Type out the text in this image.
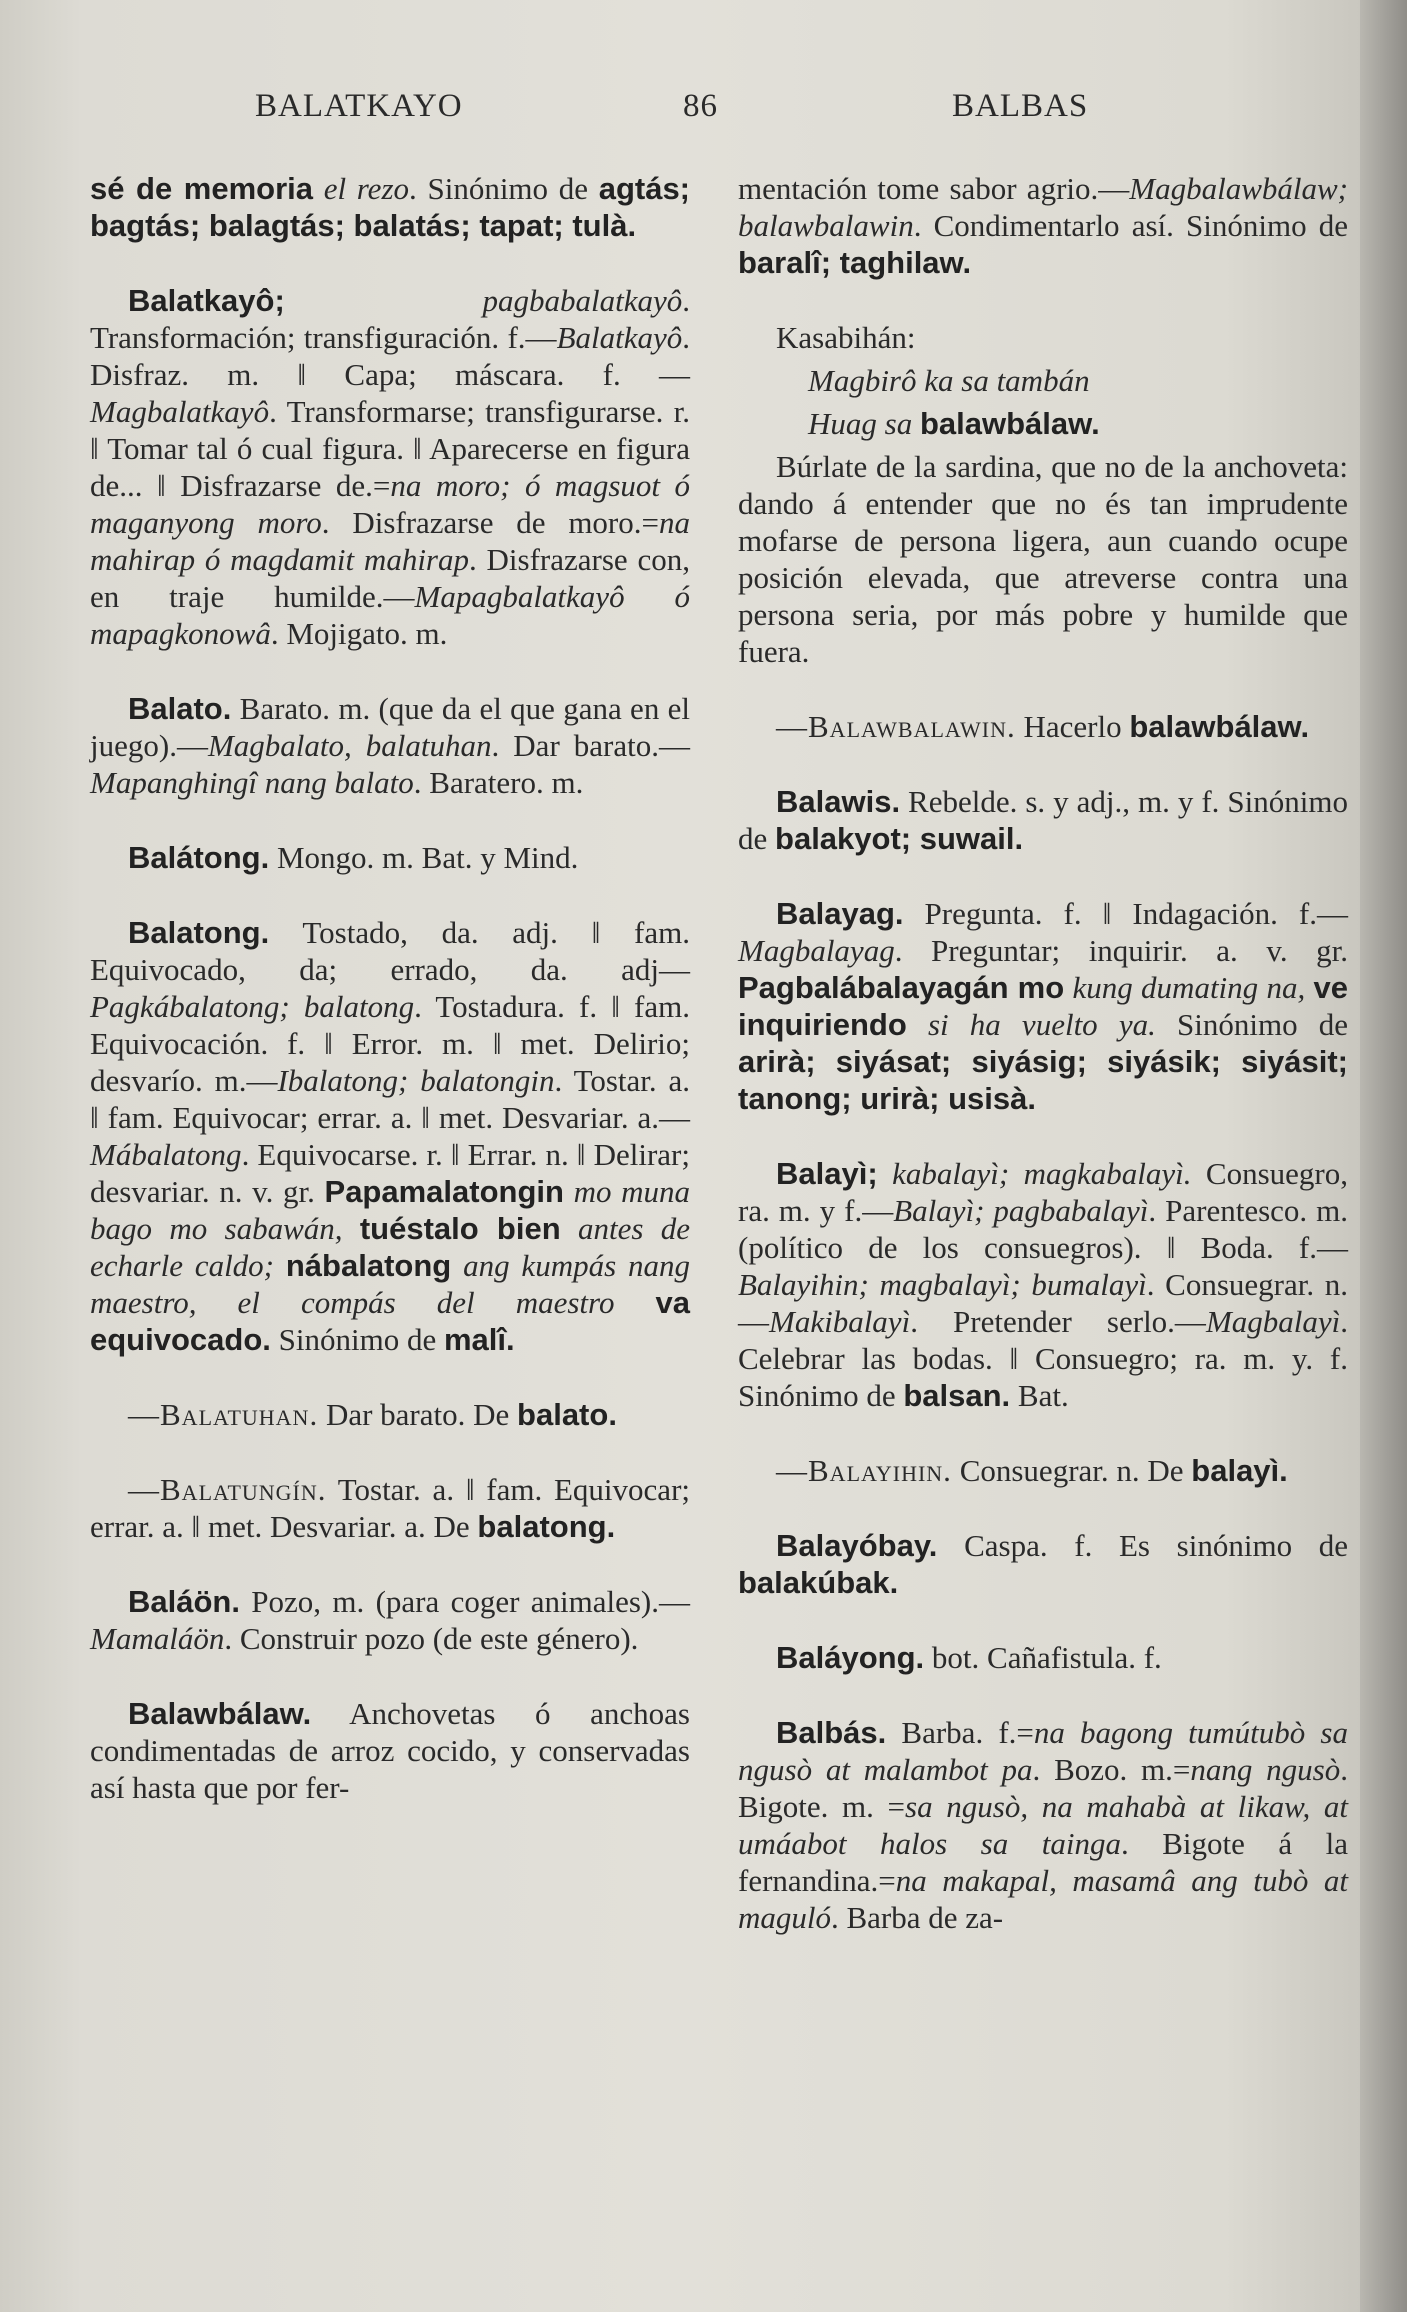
BALATKAYO	86	BALBAS

sé de memoria el rezo. Sinónimo de agtás; bagtás; balagtás; balatás; tapat; tulà.

Balatkayô;	pagbabalatkayô. Transformación; transfiguración. f.—Balatkayô. Disfraz. m. ‖ Capa; máscara. f. — Magbalatkayô. Transformarse; transfigurarse. r. ‖ Tomar tal ó cual figura. ‖ Aparecerse en figura de... ‖ Disfrazarse de.=na moro; ó magsuot ó maganyong moro. Disfrazarse de moro.=na mahirap ó magdamit mahirap. Disfrazarse con, en traje humilde.—Mapagbalatkayô ó mapagkonowâ. Mojigato. m.

Balato. Barato. m. (que da el que gana en el juego).—Magbalato, balatuhan. Dar barato.—Mapanghingî nang balato. Baratero. m.

Balátong. Mongo. m. Bat. y Mind.

Balatong. Tostado, da. adj. ‖ fam. Equivocado, da; errado, da. adj—Pagkábalatong; balatong. Tostadura. f. ‖ fam. Equivocación. f. ‖ Error. m. ‖ met. Delirio; desvarío. m.—Ibalatong; balatongin. Tostar. a. ‖ fam. Equivocar; errar. a. ‖ met. Desvariar. a.—Mábalatong. Equivocarse. r. ‖ Errar. n. ‖ Delirar; desvariar. n. v. gr. Papamalatongin mo muna bago mo sabawán, tuéstalo bien antes de echarle caldo; nábalatong ang kumpás nang maestro, el compás del maestro va equivocado. Sinónimo de malî.

—Balatuhan. Dar barato. De balato.

—Balatungín. Tostar. a. ‖ fam. Equivocar; errar. a. ‖ met. Desvariar. a. De balatong.

Baláön. Pozo, m. (para coger animales).—Mamaláön. Construir pozo (de este género).

Balawbálaw. Anchovetas ó anchoas condimentadas de arroz cocido, y conservadas así hasta que por fer-

mentación tome sabor agrio.—Magbalawbálaw; balawbalawin. Condimentarlo así. Sinónimo de baralî; taghilaw.

Kasabihán:

Magbirô ka sa tambán

Huag sa balawbálaw.

Búrlate de la sardina, que no de la anchoveta: dando á entender que no és tan imprudente mofarse de persona ligera, aun cuando ocupe posición elevada, que atreverse contra una persona seria, por más pobre y humilde que fuera.

—Balawbalawin. Hacerlo balawbálaw.

Balawis. Rebelde. s. y adj., m. y f. Sinónimo de balakyot; suwail.

Balayag. Pregunta. f. ‖ Indagación. f.—Magbalayag. Preguntar; inquirir. a. v. gr. Pagbalábalayagán mo kung dumating na, ve inquiriendo si ha vuelto ya. Sinónimo de arirà; siyásat; siyásig; siyásik; siyásit; tanong; urirà; usisà.

Balayì; kabalayì; magkabalayì. Consuegro, ra. m. y f.—Balayì; pagbabalayì. Parentesco. m. (político de los consuegros). ‖ Boda. f.—Balayihin; magbalayì; bumalayì. Consuegrar. n. —Makibalayì. Pretender serlo.—Magbalayì. Celebrar las bodas. ‖ Consuegro; ra. m. y. f. Sinónimo de balsan. Bat.

—Balayihin. Consuegrar. n. De balayì.

Balayóbay. Caspa. f. Es sinónimo de balakúbak.

Baláyong. bot. Cañafistula. f.

Balbás. Barba. f.=na bagong tumútubò sa ngusò at malambot pa. Bozo. m.=nang ngusò. Bigote. m. =sa ngusò, na mahabà at likaw, at umáabot halos sa tainga. Bigote á la fernandina.=na makapal, masamâ ang tubò at maguló. Barba de za-
